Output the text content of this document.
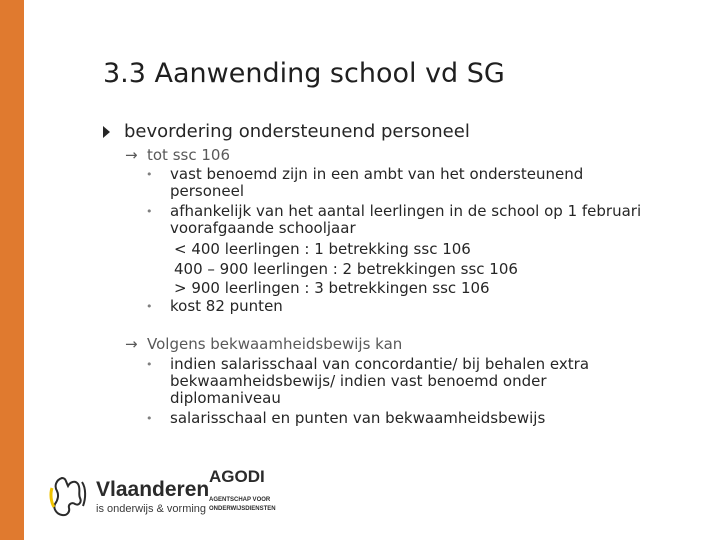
3.3 Aanwending school vd SG
bevordering ondersteunend personeel
→ tot ssc 106
• vast benoemd zijn in een ambt van het ondersteunend personeel
• afhankelijk van het aantal leerlingen in de school op 1 februari voorafgaande schooljaar
< 400 leerlingen : 1 betrekking ssc 106
400 – 900 leerlingen : 2 betrekkingen ssc 106
> 900 leerlingen : 3 betrekkingen ssc 106
• kost 82 punten
→ Volgens bekwaamheidsbewijs kan
• indien salarisschaal van concordantie/ bij behalen extra bekwaamheidsbewijs/ indien vast benoemd onder diplomaniveau
• salarisschaal en punten van bekwaamheidsbewijs
Vlaanderen
is onderwijs & vorming
AGODI
AGENTSCHAP VOOR ONDERWIJSDIENSTEN
